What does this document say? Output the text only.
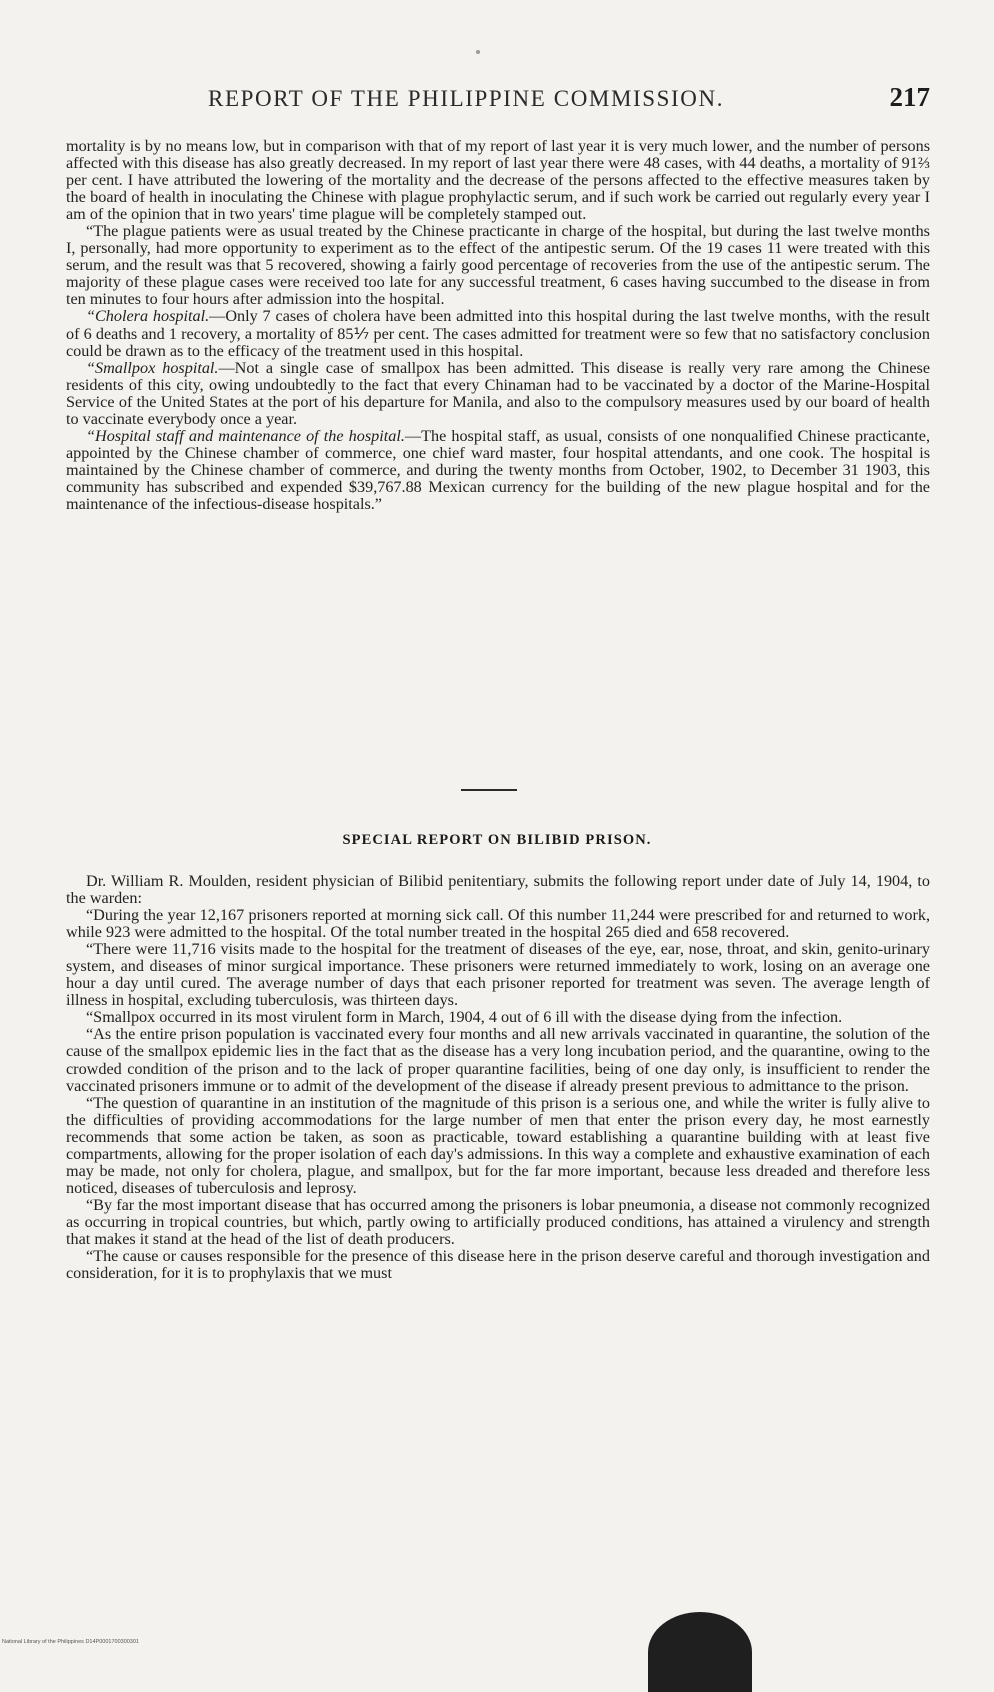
REPORT OF THE PHILIPPINE COMMISSION.	217

mortality is by no means low, but in comparison with that of my report of last year it is very much lower, and the number of persons affected with this disease has also greatly decreased. In my report of last year there were 48 cases, with 44 deaths, a mortality of 91⅔ per cent. I have attributed the lowering of the mortality and the decrease of the persons affected to the effective measures taken by the board of health in inoculating the Chinese with plague prophylactic serum, and if such work be carried out regularly every year I am of the opinion that in two years' time plague will be completely stamped out.

“The plague patients were as usual treated by the Chinese practicante in charge of the hospital, but during the last twelve months I, personally, had more opportunity to experiment as to the effect of the antipestic serum. Of the 19 cases 11 were treated with this serum, and the result was that 5 recovered, showing a fairly good percentage of recoveries from the use of the antipestic serum. The majority of these plague cases were received too late for any successful treatment, 6 cases having succumbed to the disease in from ten minutes to four hours after admission into the hospital.

“Cholera hospital.—Only 7 cases of cholera have been admitted into this hospital during the last twelve months, with the result of 6 deaths and 1 recovery, a mortality of 85⅐ per cent. The cases admitted for treatment were so few that no satisfactory conclusion could be drawn as to the efficacy of the treatment used in this hospital.

“Smallpox hospital.—Not a single case of smallpox has been admitted. This disease is really very rare among the Chinese residents of this city, owing undoubtedly to the fact that every Chinaman had to be vaccinated by a doctor of the Marine-Hospital Service of the United States at the port of his departure for Manila, and also to the compulsory measures used by our board of health to vaccinate everybody once a year.

“Hospital staff and maintenance of the hospital.—The hospital staff, as usual, consists of one nonqualified Chinese practicante, appointed by the Chinese chamber of commerce, one chief ward master, four hospital attendants, and one cook. The hospital is maintained by the Chinese chamber of commerce, and during the twenty months from October, 1902, to December 31 1903, this community has subscribed and expended $39,767.88 Mexican currency for the building of the new plague hospital and for the maintenance of the infectious-disease hospitals.”

SPECIAL REPORT ON BILIBID PRISON.

Dr. William R. Moulden, resident physician of Bilibid penitentiary, submits the following report under date of July 14, 1904, to the warden:

“During the year 12,167 prisoners reported at morning sick call. Of this number 11,244 were prescribed for and returned to work, while 923 were admitted to the hospital. Of the total number treated in the hospital 265 died and 658 recovered.

“There were 11,716 visits made to the hospital for the treatment of diseases of the eye, ear, nose, throat, and skin, genito-urinary system, and diseases of minor surgical importance. These prisoners were returned immediately to work, losing on an average one hour a day until cured. The average number of days that each prisoner reported for treatment was seven. The average length of illness in hospital, excluding tuberculosis, was thirteen days.

“Smallpox occurred in its most virulent form in March, 1904, 4 out of 6 ill with the disease dying from the infection.

“As the entire prison population is vaccinated every four months and all new arrivals vaccinated in quarantine, the solution of the cause of the smallpox epidemic lies in the fact that as the disease has a very long incubation period, and the quarantine, owing to the crowded condition of the prison and to the lack of proper quarantine facilities, being of one day only, is insufficient to render the vaccinated prisoners immune or to admit of the development of the disease if already present previous to admittance to the prison.

“The question of quarantine in an institution of the magnitude of this prison is a serious one, and while the writer is fully alive to the difficulties of providing accommodations for the large number of men that enter the prison every day, he most earnestly recommends that some action be taken, as soon as practicable, toward establishing a quarantine building with at least five compartments, allowing for the proper isolation of each day's admissions. In this way a complete and exhaustive examination of each may be made, not only for cholera, plague, and smallpox, but for the far more important, because less dreaded and therefore less noticed, diseases of tuberculosis and leprosy.

“By far the most important disease that has occurred among the prisoners is lobar pneumonia, a disease not commonly recognized as occurring in tropical countries, but which, partly owing to artificially produced conditions, has attained a virulency and strength that makes it stand at the head of the list of death producers.

“The cause or causes responsible for the presence of this disease here in the prison deserve careful and thorough investigation and consideration, for it is to prophylaxis that we must

National Library of the Philippines D14P0001700300301
